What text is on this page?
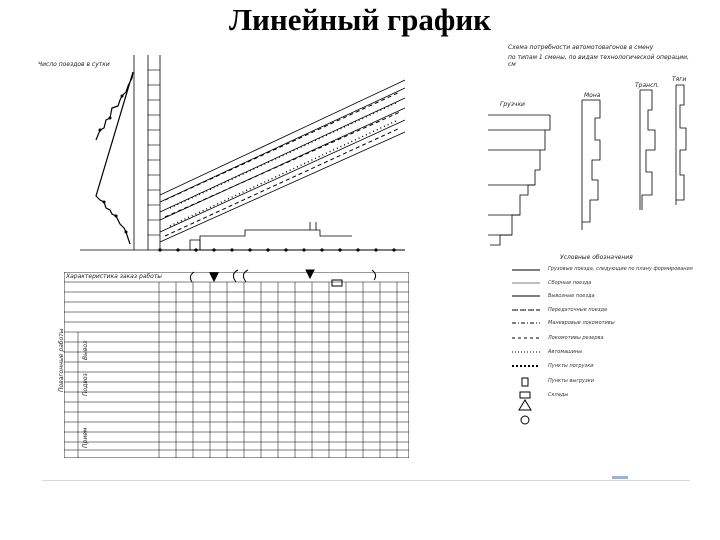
Линейный график
Число поездов в сутки
Схема потребности автомотовагонов в смену
по типам 1 смены, по видам технологической операции, см
Грузчки
Мона
Трансп.
Тяги
Условные обозначения
Характеристика заказ работы
Повагонные работы	Вывоз
Подвоз
Прием
Грузовые поезда, следующие по плану формирования
Сборные поезда
Вывозные поезда
Передаточные поезда
Маневровые локомотивы
Локомотивы резерва
Автомашины
Пункты погрузки
Пункты выгрузки
Склады
